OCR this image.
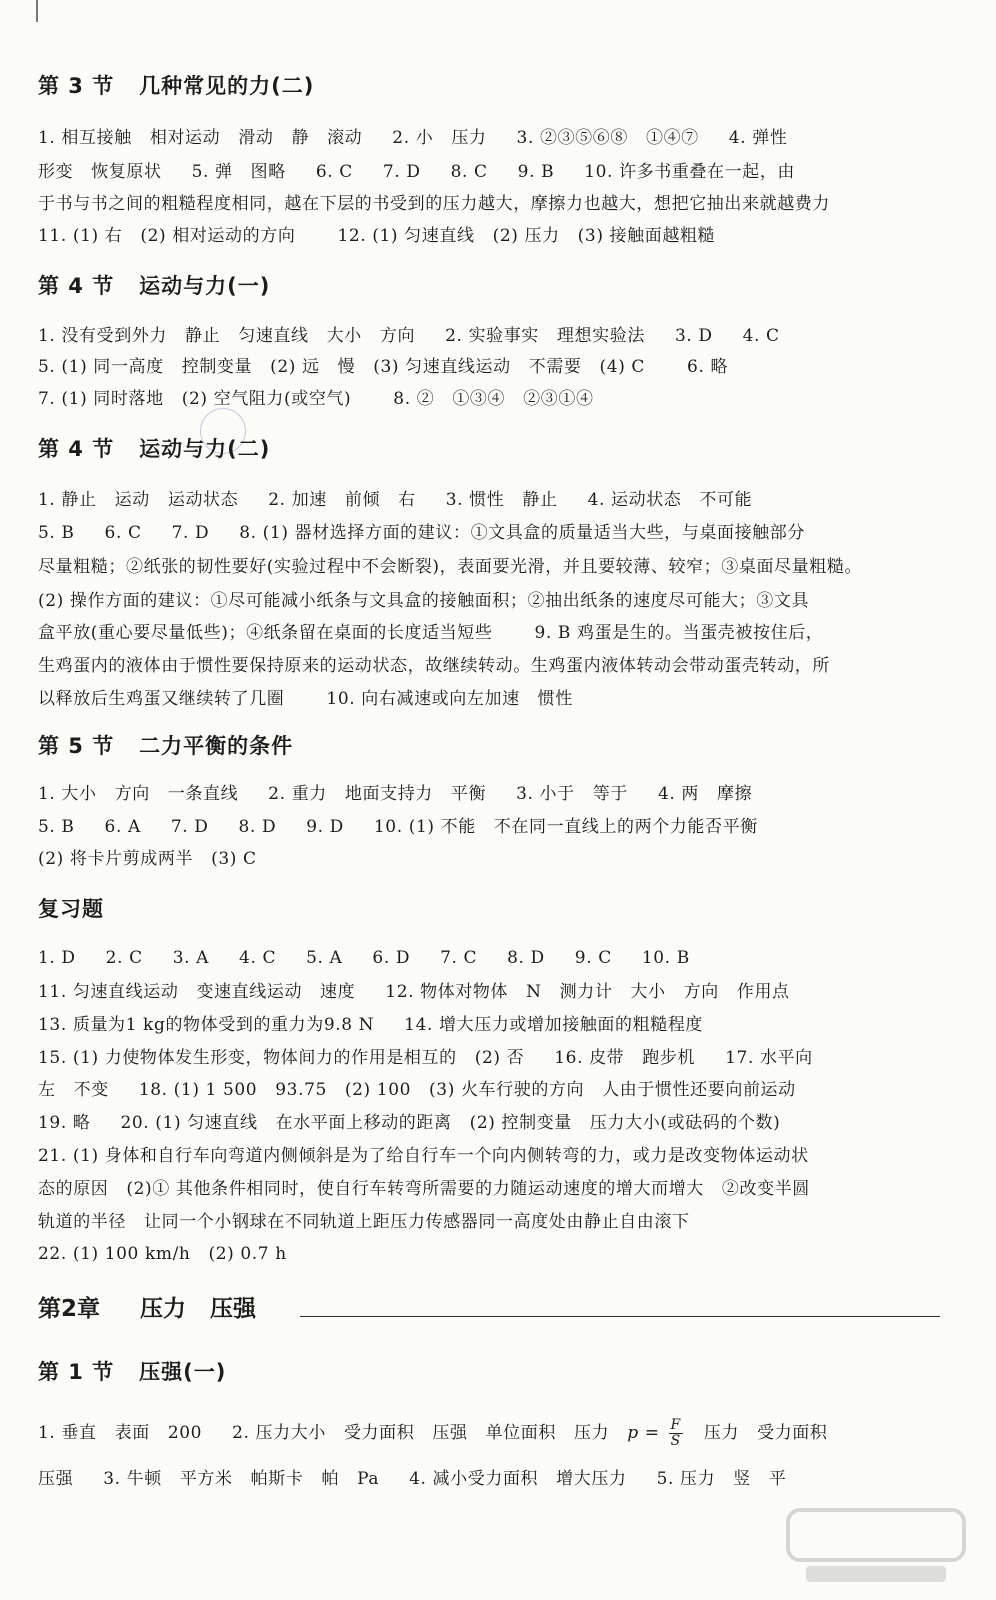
第 3 节   几种常见的力(二)
1. 相互接触   相对运动   滑动   静   滚动     2. 小   压力     3. ②③⑤⑥⑧   ①④⑦     4. 弹性
形变   恢复原状     5. 弹   图略     6. C     7. D     8. C     9. B     10. 许多书重叠在一起，由
于书与书之间的粗糙程度相同，越在下层的书受到的压力越大，摩擦力也越大，想把它抽出来就越费力
11. (1) 右   (2) 相对运动的方向       12. (1) 匀速直线   (2) 压力   (3) 接触面越粗糙
第 4 节   运动与力(一)
1. 没有受到外力   静止   匀速直线   大小   方向     2. 实验事实   理想实验法     3. D     4. C
5. (1) 同一高度   控制变量   (2) 远   慢   (3) 匀速直线运动   不需要   (4) C       6. 略
7. (1) 同时落地   (2) 空气阻力(或空气)       8. ②   ①③④   ②③①④
第 4 节   运动与力(二)
1. 静止   运动   运动状态     2. 加速   前倾   右     3. 惯性   静止     4. 运动状态   不可能
5. B     6. C     7. D     8. (1) 器材选择方面的建议：①文具盒的质量适当大些，与桌面接触部分
尽量粗糙；②纸张的韧性要好(实验过程中不会断裂)，表面要光滑，并且要较薄、较窄；③桌面尽量粗糙。
(2) 操作方面的建议：①尽可能减小纸条与文具盒的接触面积；②抽出纸条的速度尽可能大；③文具
盒平放(重心要尽量低些)；④纸条留在桌面的长度适当短些       9. B 鸡蛋是生的。当蛋壳被按住后，
生鸡蛋内的液体由于惯性要保持原来的运动状态，故继续转动。生鸡蛋内液体转动会带动蛋壳转动，所
以释放后生鸡蛋又继续转了几圈       10. 向右减速或向左加速   惯性
第 5 节   二力平衡的条件
1. 大小   方向   一条直线     2. 重力   地面支持力   平衡     3. 小于   等于     4. 两   摩擦
5. B     6. A     7. D     8. D     9. D     10. (1) 不能   不在同一直线上的两个力能否平衡
(2) 将卡片剪成两半   (3) C
复习题
1. D     2. C     3. A     4. C     5. A     6. D     7. C     8. D     9. C     10. B
11. 匀速直线运动   变速直线运动   速度     12. 物体对物体   N   测力计   大小   方向   作用点
13. 质量为1 kg的物体受到的重力为9.8 N     14. 增大压力或增加接触面的粗糙程度
15. (1) 力使物体发生形变，物体间力的作用是相互的   (2) 否     16. 皮带   跑步机     17. 水平向
左   不变     18. (1) 1 500   93.75   (2) 100   (3) 火车行驶的方向   人由于惯性还要向前运动
19. 略     20. (1) 匀速直线   在水平面上移动的距离   (2) 控制变量   压力大小(或砝码的个数)
21. (1) 身体和自行车向弯道内侧倾斜是为了给自行车一个向内侧转弯的力，或力是改变物体运动状
态的原因   (2)① 其他条件相同时，使自行车转弯所需要的力随运动速度的增大而增大   ②改变半圆
轨道的半径   让同一个小钢球在不同轨道上距压力传感器同一高度处由静止自由滚下
22. (1) 100 km/h   (2) 0.7 h
第2章     压力   压强
第 1 节   压强(一)
1. 垂直   表面   200     2. 压力大小   受力面积   压强   单位面积   压力   $p = \frac{F}{S}$ 压力   受力面积
压强     3. 牛顿   平方米   帕斯卡   帕   Pa     4. 减小受力面积   增大压力     5. 压力   竖   平
